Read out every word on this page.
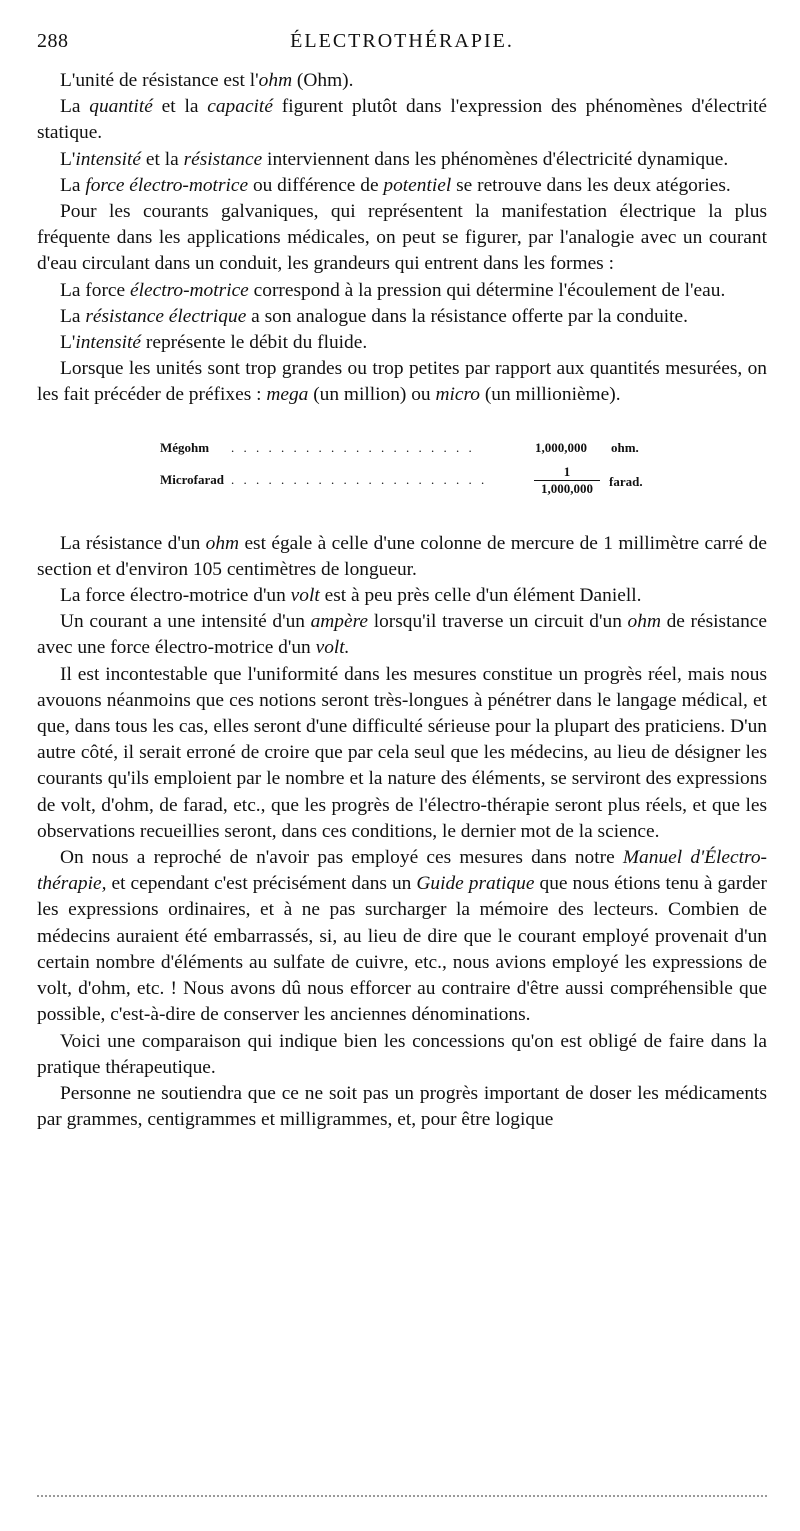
288	ÉLECTROTHÉRAPIE.

L'unité de résistance est l'ohm (Ohm).

La quantité et la capacité figurent plutôt dans l'expression des phénomènes d'électrité statique.

L'intensité et la résistance interviennent dans les phénomènes d'électricité dynamique.

La force électro-motrice ou différence de potentiel se retrouve dans les deux atégories.

Pour les courants galvaniques, qui représentent la manifestation électrique la plus fréquente dans les applications médicales, on peut se figurer, par l'analogie avec un courant d'eau circulant dans un conduit, les grandeurs qui entrent dans les formes :

La force électro-motrice correspond à la pression qui détermine l'écoulement de l'eau.

La résistance électrique a son analogue dans la résistance offerte par la conduite.

L'intensité représente le débit du fluide.

Lorsque les unités sont trop grandes ou trop petites par rapport aux quantités mesurées, on les fait précéder de préfixes : mega (un million) ou micro (un millionième).

Mégohm . . . . . . . . . . . . . . . . . . . .	1,000,000 ohm.
Microfarad . . . . . . . . . . . . . . . . . . . . .	$\frac{1}{1,000,000}$ farad.

La résistance d'un ohm est égale à celle d'une colonne de mercure de 1 millimètre carré de section et d'environ 105 centimètres de longueur.

La force électro-motrice d'un volt est à peu près celle d'un élément Daniell.

Un courant a une intensité d'un ampère lorsqu'il traverse un circuit d'un ohm de résistance avec une force électro-motrice d'un volt.

Il est incontestable que l'uniformité dans les mesures constitue un progrès réel, mais nous avouons néanmoins que ces notions seront très-longues à pénétrer dans le langage médical, et que, dans tous les cas, elles seront d'une difficulté sérieuse pour la plupart des praticiens. D'un autre côté, il serait erroné de croire que par cela seul que les médecins, au lieu de désigner les courants qu'ils emploient par le nombre et la nature des éléments, se serviront des expressions de volt, d'ohm, de farad, etc., que les progrès de l'électro-thérapie seront plus réels, et que les observations recueillies seront, dans ces conditions, le dernier mot de la science.

On nous a reproché de n'avoir pas employé ces mesures dans notre Manuel d'Électro-thérapie, et cependant c'est précisément dans un Guide pratique que nous étions tenu à garder les expressions ordinaires, et à ne pas surcharger la mémoire des lecteurs. Combien de médecins auraient été embarrassés, si, au lieu de dire que le courant employé provenait d'un certain nombre d'éléments au sulfate de cuivre, etc., nous avions employé les expressions de volt, d'ohm, etc. ! Nous avons dû nous efforcer au contraire d'être aussi compréhensible que possible, c'est-à-dire de conserver les anciennes dénominations.

Voici une comparaison qui indique bien les concessions qu'on est obligé de faire dans la pratique thérapeutique.

Personne ne soutiendra que ce ne soit pas un progrès important de doser les médicaments par grammes, centigrammes et milligrammes, et, pour être logique
